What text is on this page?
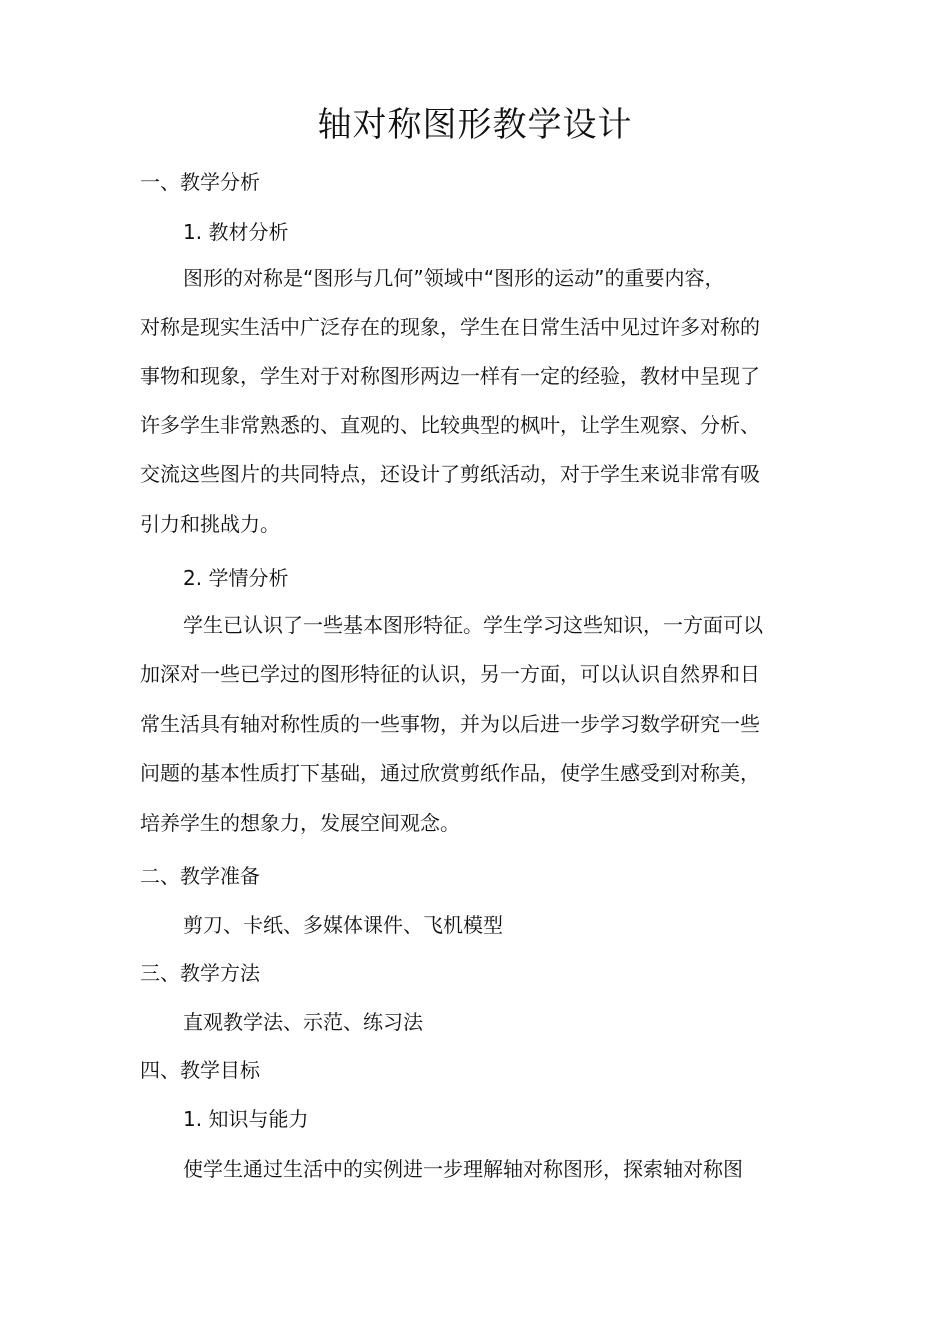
轴对称图形教学设计
一、教学分析
1. 教材分析
图形的对称是“图形与几何”领域中“图形的运动”的重要内容，
对称是现实生活中广泛存在的现象，学生在日常生活中见过许多对称的
事物和现象，学生对于对称图形两边一样有一定的经验，教材中呈现了
许多学生非常熟悉的、直观的、比较典型的枫叶，让学生观察、分析、
交流这些图片的共同特点，还设计了剪纸活动，对于学生来说非常有吸
引力和挑战力。
2. 学情分析
学生已认识了一些基本图形特征。学生学习这些知识，一方面可以
加深对一些已学过的图形特征的认识，另一方面，可以认识自然界和日
常生活具有轴对称性质的一些事物，并为以后进一步学习数学研究一些
问题的基本性质打下基础，通过欣赏剪纸作品，使学生感受到对称美，
培养学生的想象力，发展空间观念。
二、教学准备
剪刀、卡纸、多媒体课件、飞机模型
三、教学方法
直观教学法、示范、练习法
四、教学目标
1. 知识与能力
使学生通过生活中的实例进一步理解轴对称图形，探索轴对称图
